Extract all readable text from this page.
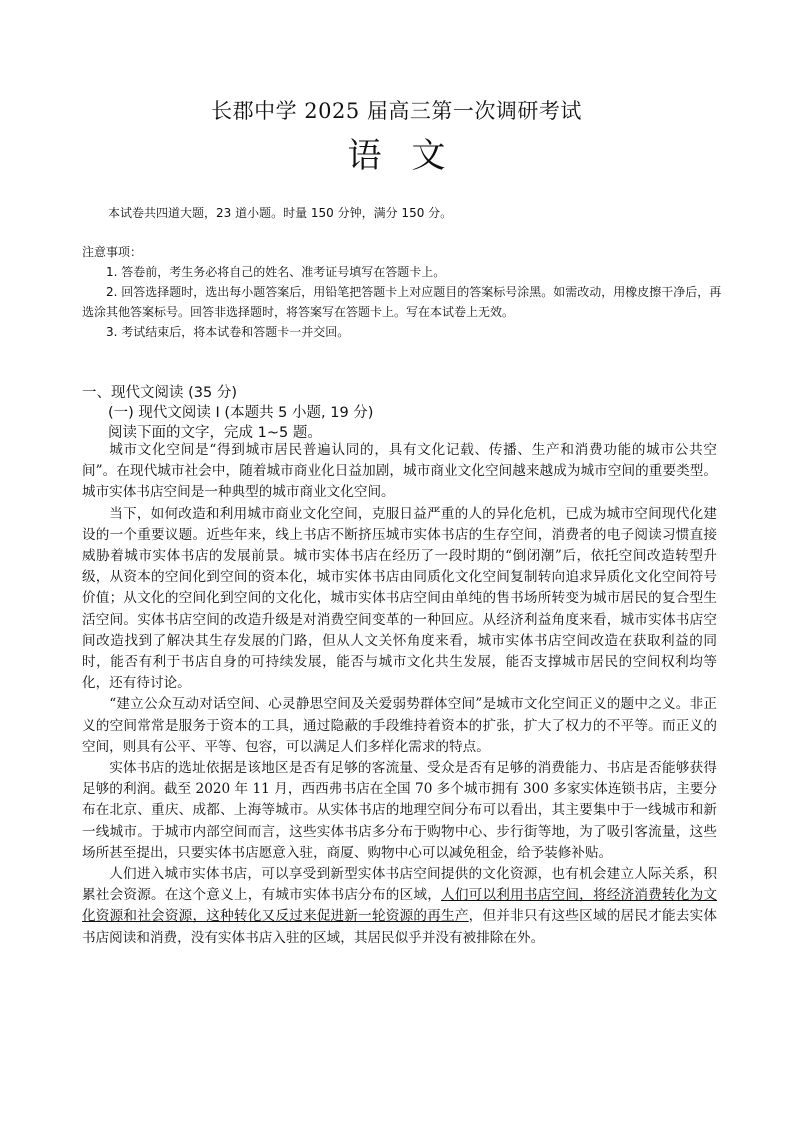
长郡中学 2025 届高三第一次调研考试
语文
本试卷共四道大题，23 道小题。时量 150 分钟，满分 150 分。

注意事项：

1. 答卷前，考生务必将自己的姓名、准考证号填写在答题卡上。

2. 回答选择题时，选出每小题答案后，用铅笔把答题卡上对应题目的答案标号涂黑。如需改动，用橡皮擦干净后，再选涂其他答案标号。回答非选择题时，将答案写在答题卡上。写在本试卷上无效。

3. 考试结束后，将本试卷和答题卡一并交回。

一、现代文阅读 (35 分)
(一) 现代文阅读 I (本题共 5 小题, 19 分)
阅读下面的文字，完成 1~5 题。

城市文化空间是“得到城市居民普遍认同的，具有文化记载、传播、生产和消费功能的城市公共空间”。在现代城市社会中，随着城市商业化日益加剧，城市商业文化空间越来越成为城市空间的重要类型。城市实体书店空间是一种典型的城市商业文化空间。

当下，如何改造和利用城市商业文化空间，克服日益严重的人的异化危机，已成为城市空间现代化建设的一个重要议题。近些年来，线上书店不断挤压城市实体书店的生存空间，消费者的电子阅读习惯直接威胁着城市实体书店的发展前景。城市实体书店在经历了一段时期的“倒闭潮”后，依托空间改造转型升级，从资本的空间化到空间的资本化，城市实体书店由同质化文化空间复制转向追求异质化文化空间符号价值；从文化的空间化到空间的文化化，城市实体书店空间由单纯的售书场所转变为城市居民的复合型生活空间。实体书店空间的改造升级是对消费空间变革的一种回应。从经济利益角度来看，城市实体书店空间改造找到了解决其生存发展的门路，但从人文关怀角度来看，城市实体书店空间改造在获取利益的同时，能否有利于书店自身的可持续发展，能否与城市文化共生发展，能否支撑城市居民的空间权利均等化，还有待讨论。

“建立公众互动对话空间、心灵静思空间及关爱弱势群体空间”是城市文化空间正义的题中之义。非正义的空间常常是服务于资本的工具，通过隐蔽的手段维持着资本的扩张，扩大了权力的不平等。而正义的空间，则具有公平、平等、包容，可以满足人们多样化需求的特点。

实体书店的选址依据是该地区是否有足够的客流量、受众是否有足够的消费能力、书店是否能够获得足够的利润。截至 2020 年 11 月，西西弗书店在全国 70 多个城市拥有 300 多家实体连锁书店，主要分布在北京、重庆、成都、上海等城市。从实体书店的地理空间分布可以看出，其主要集中于一线城市和新一线城市。于城市内部空间而言，这些实体书店多分布于购物中心、步行街等地，为了吸引客流量，这些场所甚至提出，只要实体书店愿意入驻，商厦、购物中心可以减免租金，给予装修补贴。

人们进入城市实体书店，可以享受到新型实体书店空间提供的文化资源，也有机会建立人际关系，积累社会资源。在这个意义上，有城市实体书店分布的区域，人们可以利用书店空间，将经济消费转化为文化资源和社会资源，这种转化又反过来促进新一轮资源的再生产，但并非只有这些区域的居民才能去实体书店阅读和消费，没有实体书店入驻的区域，其居民似乎并没有被排除在外。
